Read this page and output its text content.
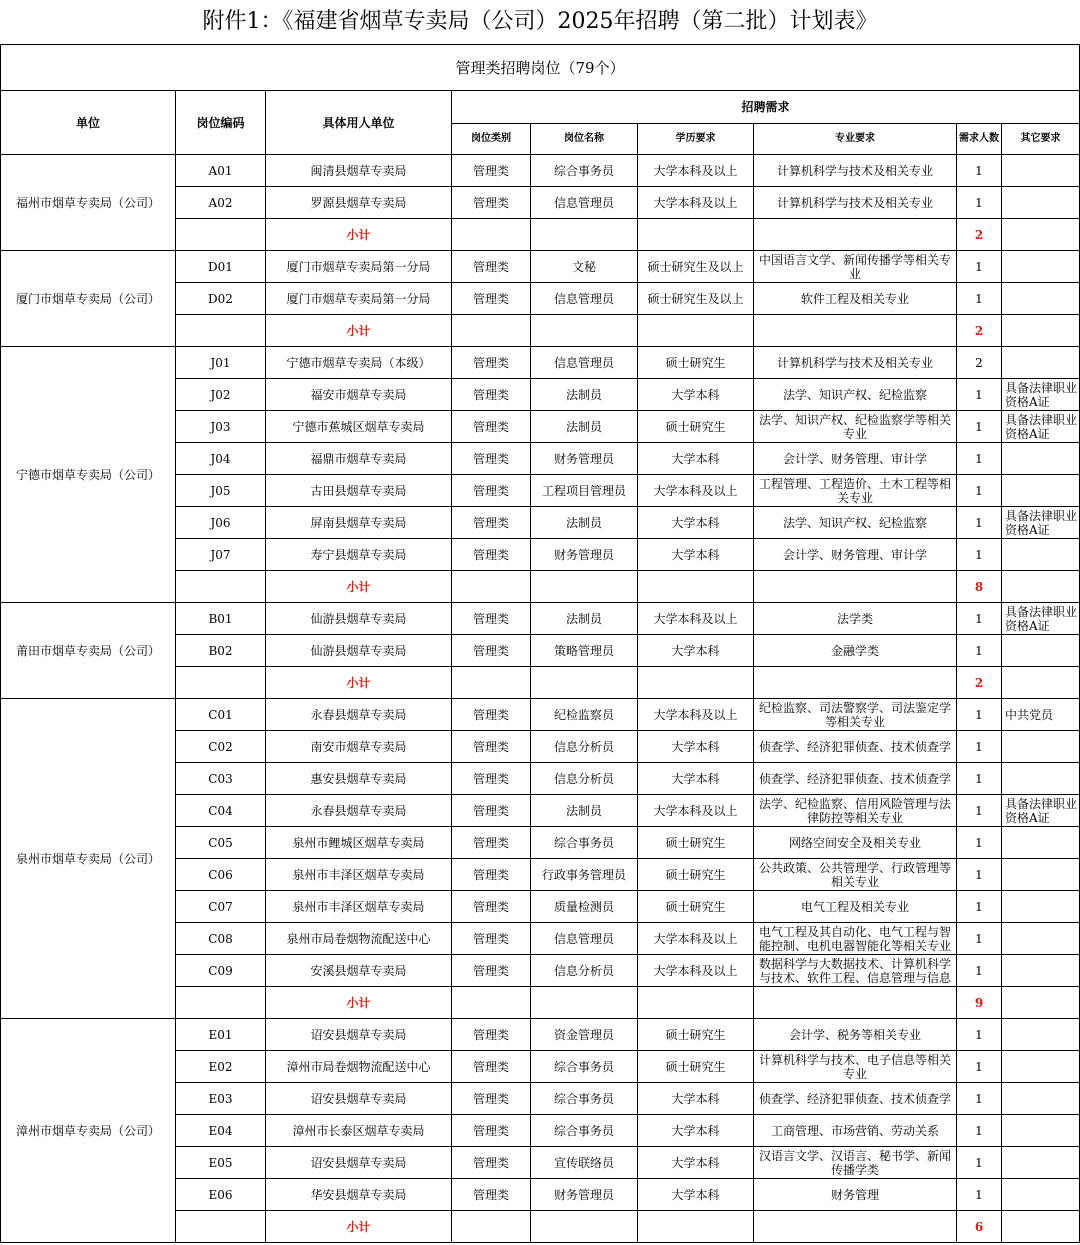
附件1：《福建省烟草专卖局（公司）2025年招聘（第二批）计划表》
管理类招聘岗位（79个）								
单位	岗位编码	具体用人单位	招聘需求					
			岗位类别	岗位名称	学历要求	专业要求	需求人数	其它要求
福州市烟草专卖局（公司）	A01	闽清县烟草专卖局	管理类	综合事务员	大学本科及以上	计算机科学与技术及相关专业	1	
	A02	罗源县烟草专卖局	管理类	信息管理员	大学本科及以上	计算机科学与技术及相关专业	1	
		小计					2	
厦门市烟草专卖局（公司）	D01	厦门市烟草专卖局第一分局	管理类	文秘	硕士研究生及以上	中国语言文学、新闻传播学等相关专业	1	
	D02	厦门市烟草专卖局第一分局	管理类	信息管理员	硕士研究生及以上	软件工程及相关专业	1	
		小计					2	
宁德市烟草专卖局（公司）	J01	宁德市烟草专卖局（本级）	管理类	信息管理员	硕士研究生	计算机科学与技术及相关专业	2	
	J02	福安市烟草专卖局	管理类	法制员	大学本科	法学、知识产权、纪检监察	1	具备法律职业资格A证
	J03	宁德市蕉城区烟草专卖局	管理类	法制员	硕士研究生	法学、知识产权、纪检监察学等相关专业	1	具备法律职业资格A证
	J04	福鼎市烟草专卖局	管理类	财务管理员	大学本科	会计学、财务管理、审计学	1	
	J05	古田县烟草专卖局	管理类	工程项目管理员	大学本科及以上	工程管理、工程造价、土木工程等相关专业	1	
	J06	屏南县烟草专卖局	管理类	法制员	大学本科	法学、知识产权、纪检监察	1	具备法律职业资格A证
	J07	寿宁县烟草专卖局	管理类	财务管理员	大学本科	会计学、财务管理、审计学	1	
		小计					8	
莆田市烟草专卖局（公司）	B01	仙游县烟草专卖局	管理类	法制员	大学本科及以上	法学类	1	具备法律职业资格A证
	B02	仙游县烟草专卖局	管理类	策略管理员	大学本科	金融学类	1	
		小计					2	
泉州市烟草专卖局（公司）	C01	永春县烟草专卖局	管理类	纪检监察员	大学本科及以上	纪检监察、司法警察学、司法鉴定学等相关专业	1	中共党员
	C02	南安市烟草专卖局	管理类	信息分析员	大学本科	侦查学、经济犯罪侦查、技术侦查学	1	
	C03	惠安县烟草专卖局	管理类	信息分析员	大学本科	侦查学、经济犯罪侦查、技术侦查学	1	
	C04	永春县烟草专卖局	管理类	法制员	大学本科及以上	法学、纪检监察、信用风险管理与法律防控等相关专业	1	具备法律职业资格A证
	C05	泉州市鲤城区烟草专卖局	管理类	综合事务员	硕士研究生	网络空间安全及相关专业	1	
	C06	泉州市丰泽区烟草专卖局	管理类	行政事务管理员	硕士研究生	公共政策、公共管理学、行政管理等相关专业	1	
	C07	泉州市丰泽区烟草专卖局	管理类	质量检测员	硕士研究生	电气工程及相关专业	1	
	C08	泉州市局卷烟物流配送中心	管理类	信息管理员	大学本科及以上	电气工程及其自动化、电气工程与智能控制、电机电器智能化等相关专业	1	
	C09	安溪县烟草专卖局	管理类	信息分析员	大学本科及以上	数据科学与大数据技术、计算机科学与技术、软件工程、信息管理与信息	1	
		小计					9	
漳州市烟草专卖局（公司）	E01	诏安县烟草专卖局	管理类	资金管理员	硕士研究生	会计学、税务等相关专业	1	
	E02	漳州市局卷烟物流配送中心	管理类	综合事务员	硕士研究生	计算机科学与技术、电子信息等相关专业	1	
	E03	诏安县烟草专卖局	管理类	综合事务员	大学本科	侦查学、经济犯罪侦查、技术侦查学	1	
	E04	漳州市长泰区烟草专卖局	管理类	综合事务员	大学本科	工商管理、市场营销、劳动关系	1	
	E05	诏安县烟草专卖局	管理类	宣传联络员	大学本科	汉语言文学、汉语言、秘书学、新闻传播学类	1	
	E06	华安县烟草专卖局	管理类	财务管理员	大学本科	财务管理	1	
		小计					6	
